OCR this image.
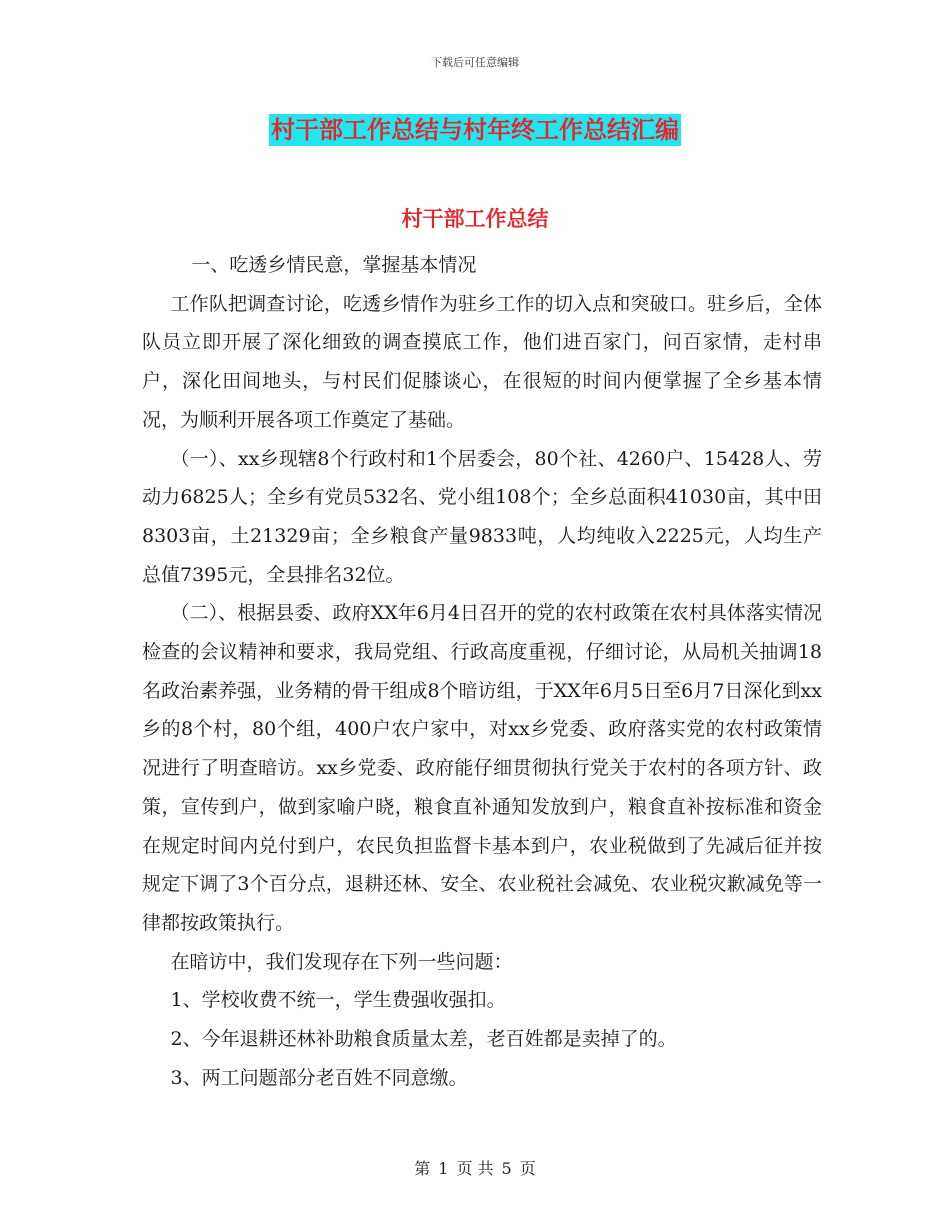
下载后可任意编辑
村干部工作总结与村年终工作总结汇编
村干部工作总结

一、吃透乡情民意，掌握基本情况

工作队把调查讨论，吃透乡情作为驻乡工作的切入点和突破口。驻乡后，全体队员立即开展了深化细致的调查摸底工作，他们进百家门，问百家情，走村串户，深化田间地头，与村民们促膝谈心，在很短的时间内便掌握了全乡基本情况，为顺利开展各项工作奠定了基础。

（一）、xx乡现辖8个行政村和1个居委会，80个社、4260户、15428人、劳动力6825人；全乡有党员532名、党小组108个；全乡总面积41030亩，其中田8303亩，土21329亩；全乡粮食产量9833吨，人均纯收入2225元，人均生产总值7395元，全县排名32位。

（二）、根据县委、政府XX年6月4日召开的党的农村政策在农村具体落实情况检查的会议精神和要求，我局党组、行政高度重视，仔细讨论，从局机关抽调18名政治素养强，业务精的骨干组成8个暗访组，于XX年6月5日至6月7日深化到xx乡的8个村，80个组，400户农户家中，对xx乡党委、政府落实党的农村政策情况进行了明查暗访。xx乡党委、政府能仔细贯彻执行党关于农村的各项方针、政策，宣传到户，做到家喻户晓，粮食直补通知发放到户，粮食直补按标准和资金在规定时间内兑付到户，农民负担监督卡基本到户，农业税做到了先减后征并按规定下调了3个百分点，退耕还林、安全、农业税社会减免、农业税灾歉减免等一律都按政策执行。

在暗访中，我们发现存在下列一些问题：

1、学校收费不统一，学生费强收强扣。

2、今年退耕还林补助粮食质量太差，老百姓都是卖掉了的。

3、两工问题部分老百姓不同意缴。

第 1 页 共 5 页
